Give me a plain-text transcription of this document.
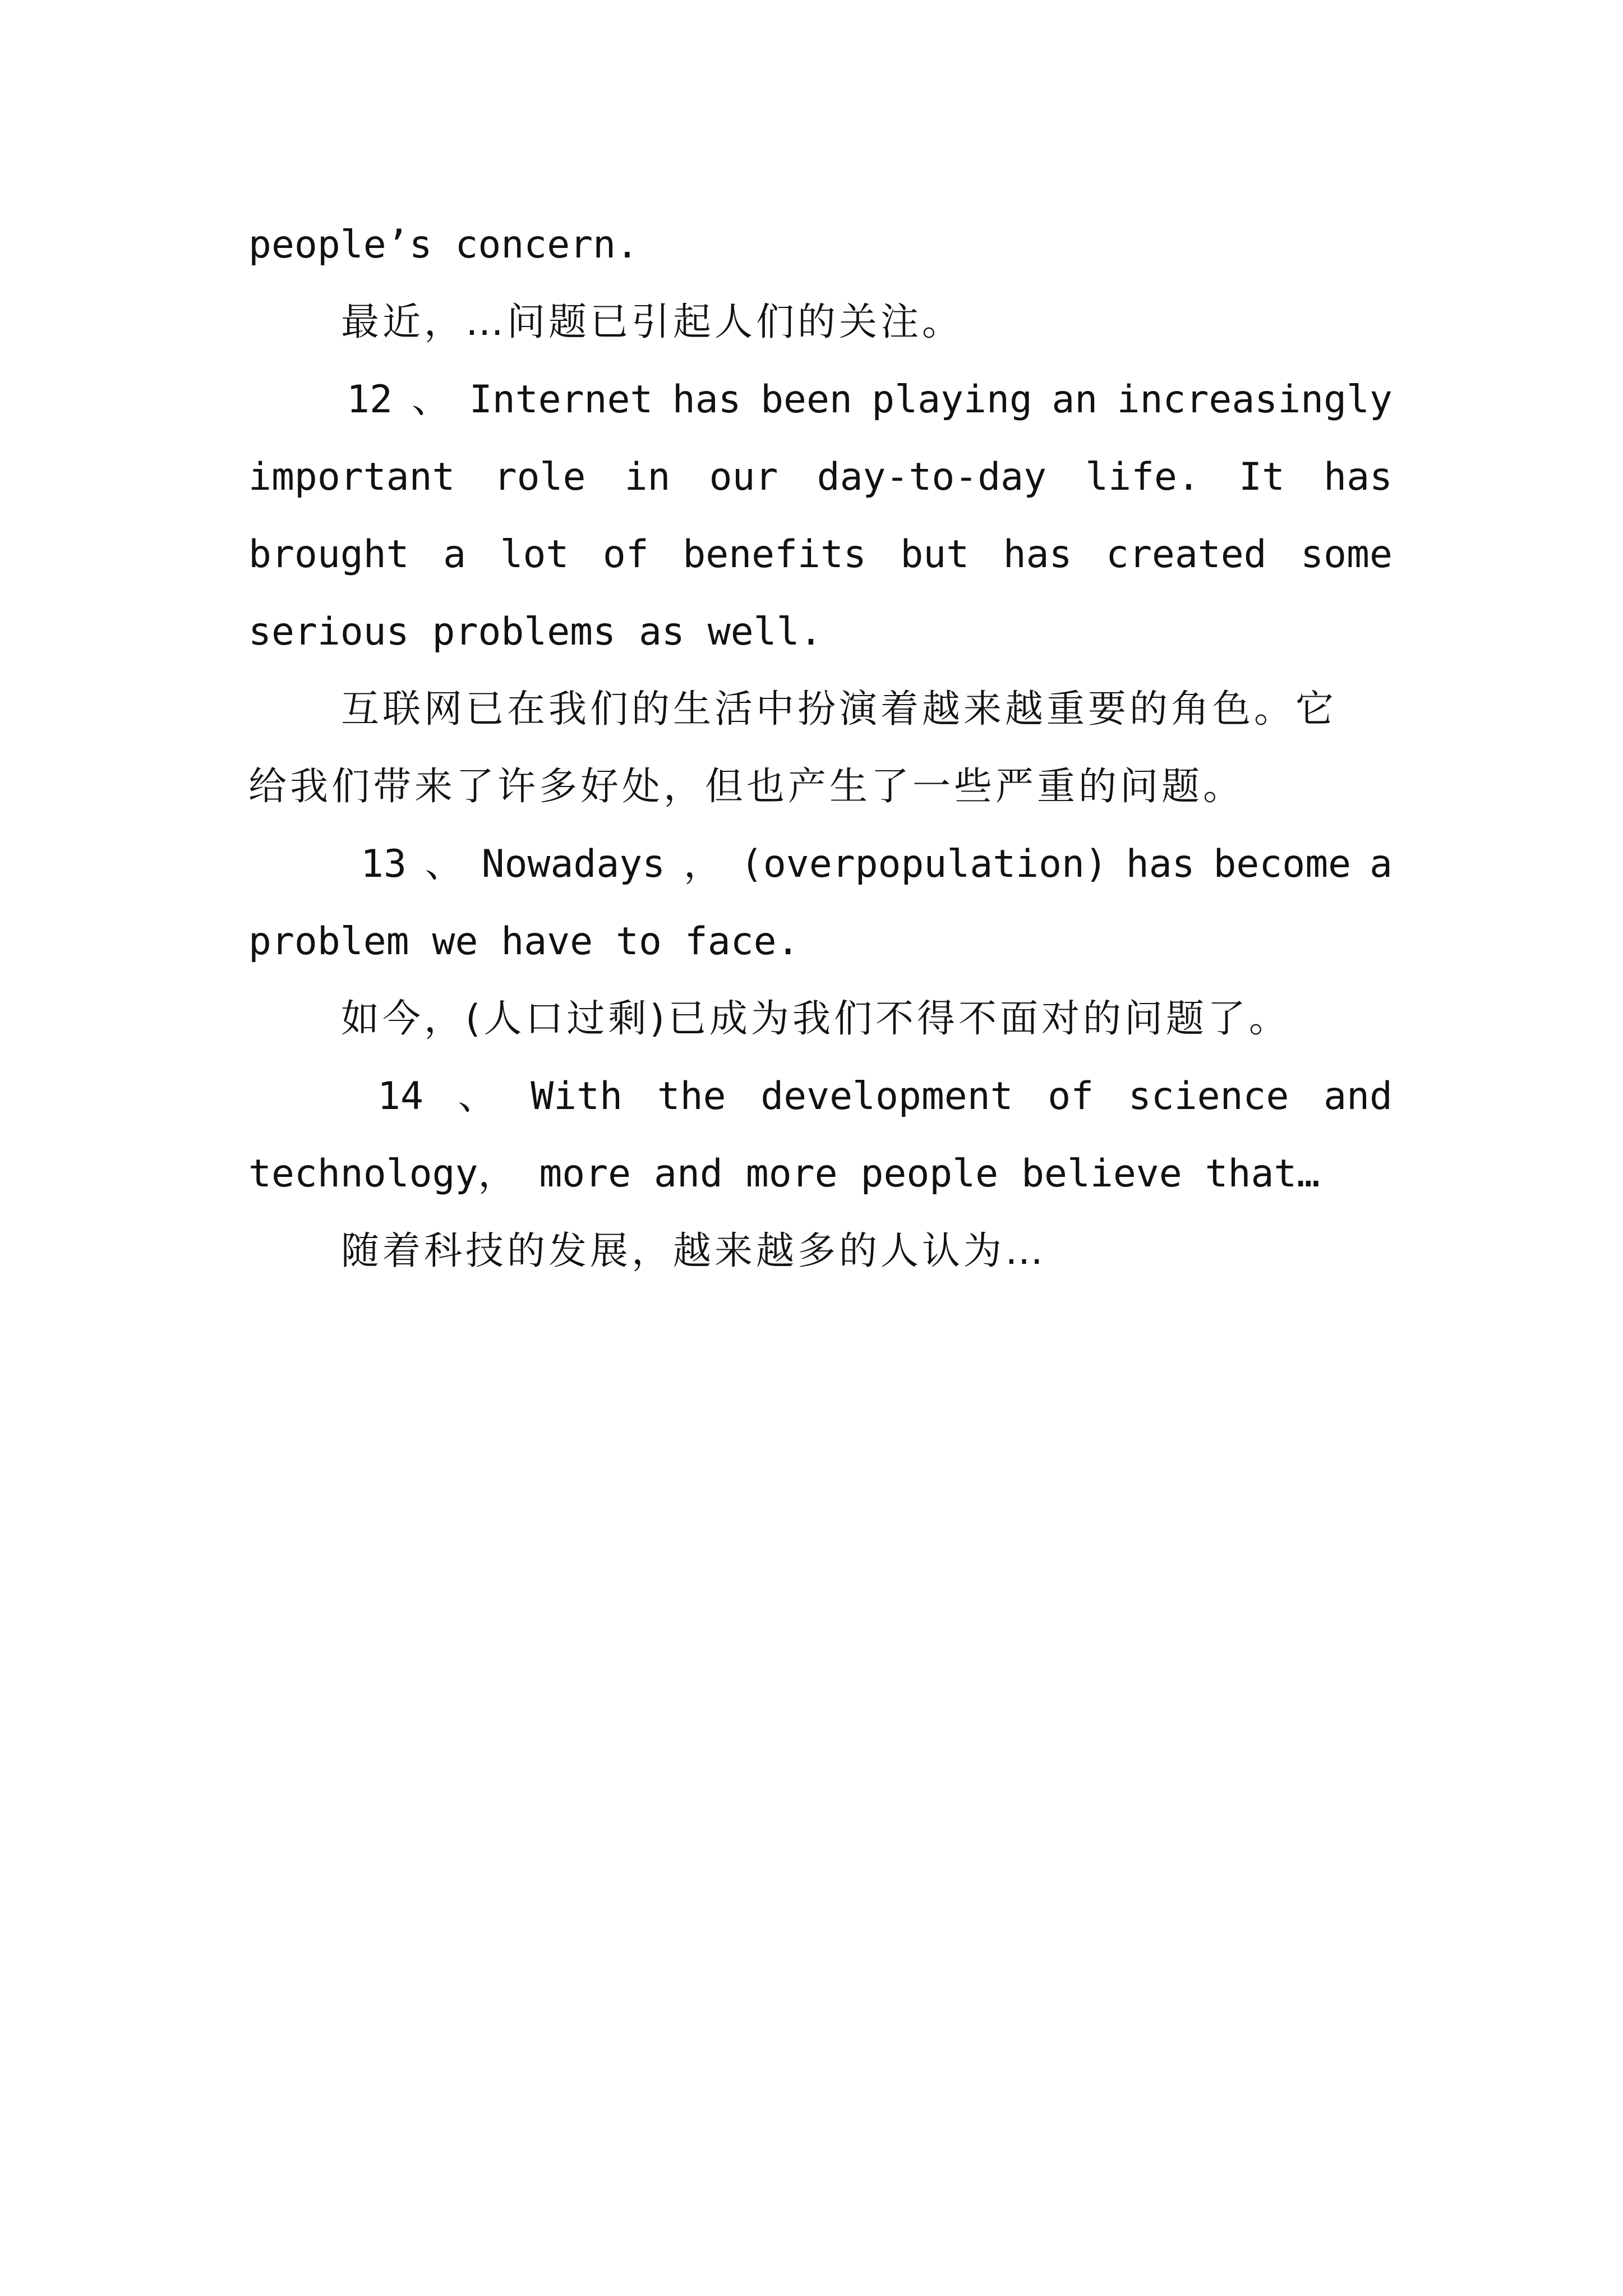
people’s concern.
最近，…问题已引起人们的关注。
12 、 Internet has been playing an increasingly
important role in our day-to-day life. It has
brought a lot of benefits but has created some
serious problems as well.
互联网已在我们的生活中扮演着越来越重要的角色。它
给我们带来了许多好处，但也产生了一些严重的问题。
13 、 Nowadays ， (overpopulation) has become a
problem we have to face.
如今，(人口过剩)已成为我们不得不面对的问题了。
14 、 With the development of science and
technology， more and more people believe that…
随着科技的发展，越来越多的人认为…
